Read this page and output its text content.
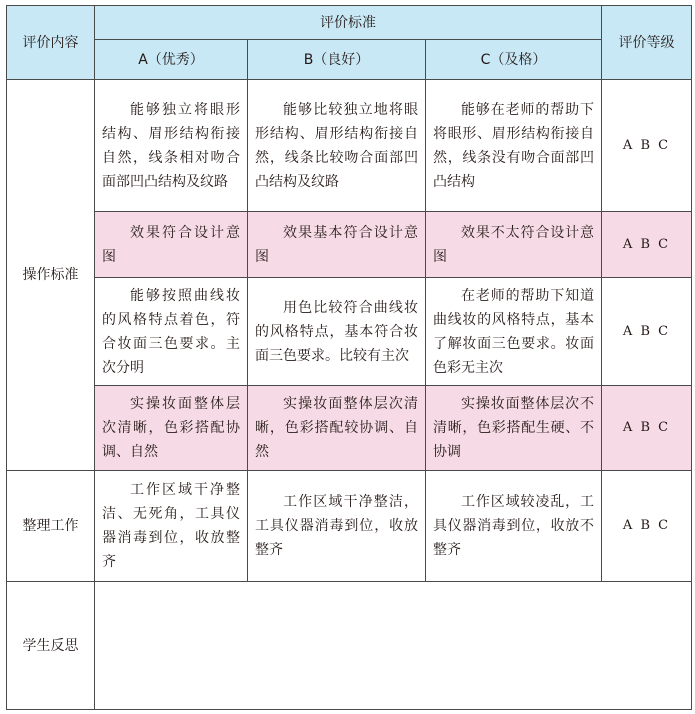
评价内容	评价标准			评价等级
	A（优秀）	B（良好）	C（及格）	
操作标准	能够独立将眼形结构、眉形结构衔接自然，线条相对吻合面部凹凸结构及纹路	能够比较独立地将眼形结构、眉形结构衔接自然，线条比较吻合面部凹凸结构及纹路	能够在老师的帮助下将眼形、眉形结构衔接自然，线条没有吻合面部凹凸结构	A B C

	效果符合设计意图	效果基本符合设计意图	效果不太符合设计意图	A B C

	能够按照曲线妆的风格特点着色，符合妆面三色要求。主次分明	用色比较符合曲线妆的风格特点，基本符合妆面三色要求。比较有主次	在老师的帮助下知道曲线妆的风格特点，基本了解妆面三色要求。妆面色彩无主次	A B C

	实操妆面整体层次清晰，色彩搭配协调、自然	实操妆面整体层次清晰，色彩搭配较协调、自然	实操妆面整体层次不清晰，色彩搭配生硬、不协调	A B C
整理工作	工作区域干净整洁、无死角，工具仪器消毒到位，收放整齐	工作区域干净整洁，工具仪器消毒到位，收放整齐	工作区域较凌乱，工具仪器消毒到位，收放不整齐	A B C
学生反思				
